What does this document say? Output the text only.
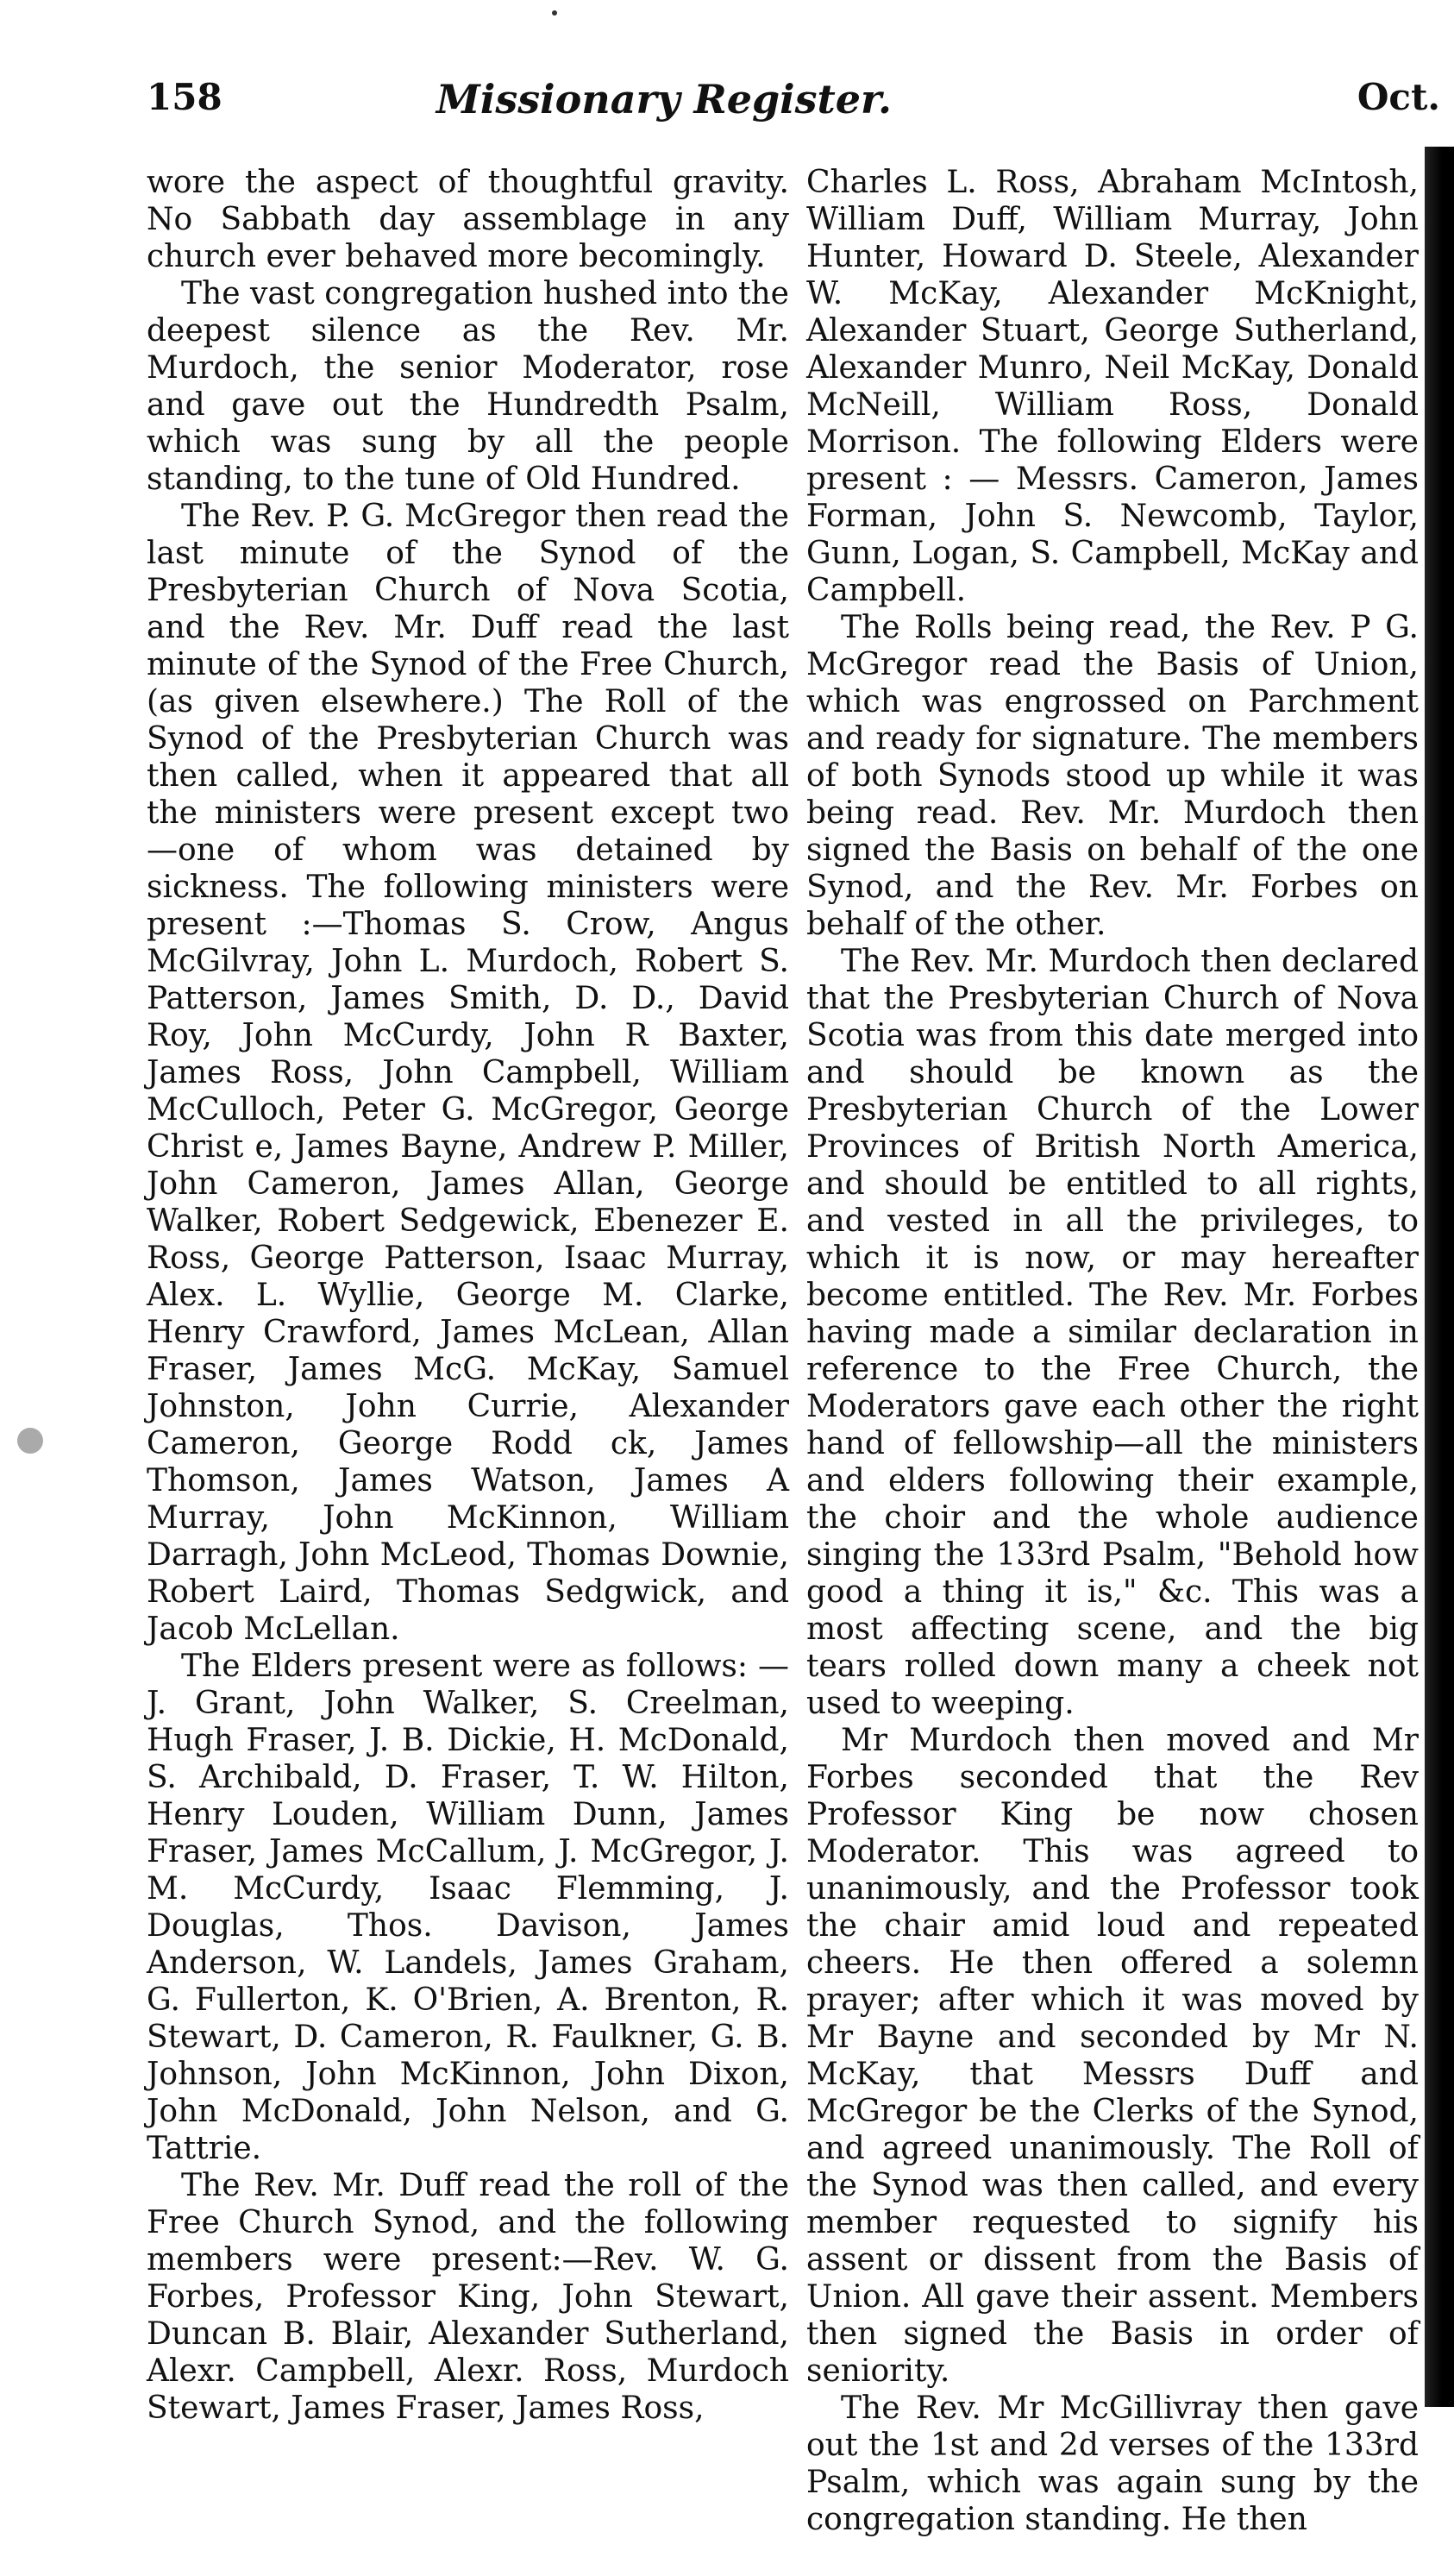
158	Missionary Register.	Oct.

wore the aspect of thoughtful gravity. No Sabbath day assemblage in any church ever behaved more becomingly.

The vast congregation hushed into the deepest silence as the Rev. Mr. Murdoch, the senior Moderator, rose and gave out the Hundredth Psalm, which was sung by all the people standing, to the tune of Old Hundred.

The Rev. P. G. McGregor then read the last minute of the Synod of the Presbyterian Church of Nova Scotia, and the Rev. Mr. Duff read the last minute of the Synod of the Free Church, (as given elsewhere.) The Roll of the Synod of the Presbyterian Church was then called, when it appeared that all the ministers were present except two —one of whom was detained by sickness. The following ministers were present :—Thomas S. Crow, Angus McGilvray, John L. Murdoch, Robert S. Patterson, James Smith, D. D., David Roy, John McCurdy, John R Baxter, James Ross, John Campbell, William McCulloch, Peter G. McGregor, George Christ e, James Bayne, Andrew P. Miller, John Cameron, James Allan, George Walker, Robert Sedgewick, Ebenezer E. Ross, George Patterson, Isaac Murray, Alex. L. Wyllie, George M. Clarke, Henry Crawford, James McLean, Allan Fraser, James McG. McKay, Samuel Johnston, John Currie, Alexander Cameron, George Rodd ck, James Thomson, James Watson, James A Murray, John McKinnon, William Darragh, John McLeod, Thomas Downie, Robert Laird, Thomas Sedgwick, and Jacob McLellan.

The Elders present were as follows: —J. Grant, John Walker, S. Creelman, Hugh Fraser, J. B. Dickie, H. McDonald, S. Archibald, D. Fraser, T. W. Hilton, Henry Louden, William Dunn, James Fraser, James McCallum, J. McGregor, J. M. McCurdy, Isaac Flemming, J. Douglas, Thos. Davison, James Anderson, W. Landels, James Graham, G. Fullerton, K. O'Brien, A. Brenton, R. Stewart, D. Cameron, R. Faulkner, G. B. Johnson, John McKinnon, John Dixon, John McDonald, John Nelson, and G. Tattrie.

The Rev. Mr. Duff read the roll of the Free Church Synod, and the following members were present:—Rev. W. G. Forbes, Professor King, John Stewart, Duncan B. Blair, Alexander Sutherland, Alexr. Campbell, Alexr. Ross, Murdoch Stewart, James Fraser, James Ross,

Charles L. Ross, Abraham McIntosh, William Duff, William Murray, John Hunter, Howard D. Steele, Alexander W. McKay, Alexander McKnight, Alexander Stuart, George Sutherland, Alexander Munro, Neil McKay, Donald McNeill, William Ross, Donald Morrison. The following Elders were present : — Messrs. Cameron, James Forman, John S. Newcomb, Taylor, Gunn, Logan, S. Campbell, McKay and Campbell.

The Rolls being read, the Rev. P G. McGregor read the Basis of Union, which was engrossed on Parchment and ready for signature. The members of both Synods stood up while it was being read. Rev. Mr. Murdoch then signed the Basis on behalf of the one Synod, and the Rev. Mr. Forbes on behalf of the other.

The Rev. Mr. Murdoch then declared that the Presbyterian Church of Nova Scotia was from this date merged into and should be known as the Presbyterian Church of the Lower Provinces of British North America, and should be entitled to all rights, and vested in all the privileges, to which it is now, or may hereafter become entitled. The Rev. Mr. Forbes having made a similar declaration in reference to the Free Church, the Moderators gave each other the right hand of fellowship—all the ministers and elders following their example, the choir and the whole audience singing the 133rd Psalm, "Behold how good a thing it is," &c. This was a most affecting scene, and the big tears rolled down many a cheek not used to weeping.

Mr Murdoch then moved and Mr Forbes seconded that the Rev Professor King be now chosen Moderator. This was agreed to unanimously, and the Professor took the chair amid loud and repeated cheers. He then offered a solemn prayer; after which it was moved by Mr Bayne and seconded by Mr N. McKay, that Messrs Duff and McGregor be the Clerks of the Synod, and agreed unanimously. The Roll of the Synod was then called, and every member requested to signify his assent or dissent from the Basis of Union. All gave their assent. Members then signed the Basis in order of seniority.

The Rev. Mr McGillivray then gave out the 1st and 2d verses of the 133rd Psalm, which was again sung by the congregation standing. He then
